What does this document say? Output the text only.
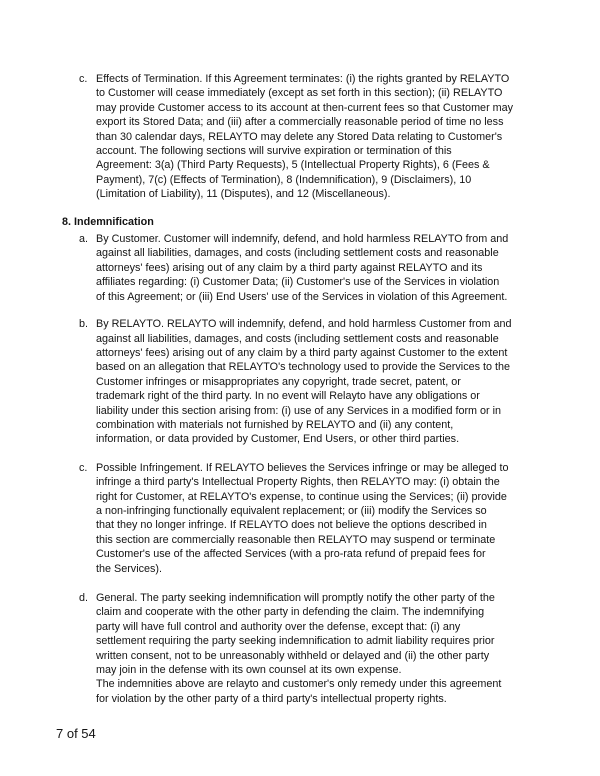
c. Effects of Termination. If this Agreement terminates: (i) the rights granted by RELAYTO
to Customer will cease immediately (except as set forth in this section); (ii) RELAYTO
may provide Customer access to its account at then-current fees so that Customer may
export its Stored Data; and (iii) after a commercially reasonable period of time no less
than 30 calendar days, RELAYTO may delete any Stored Data relating to Customer's
account. The following sections will survive expiration or termination of this
Agreement: 3(a) (Third Party Requests), 5 (Intellectual Property Rights), 6 (Fees &
Payment), 7(c) (Effects of Termination), 8 (Indemnification), 9 (Disclaimers), 10
(Limitation of Liability), 11 (Disputes), and 12 (Miscellaneous).
8. Indemnification
a. By Customer. Customer will indemnify, defend, and hold harmless RELAYTO from and
against all liabilities, damages, and costs (including settlement costs and reasonable
attorneys' fees) arising out of any claim by a third party against RELAYTO and its
affiliates regarding: (i) Customer Data; (ii) Customer's use of the Services in violation
of this Agreement; or (iii) End Users' use of the Services in violation of this Agreement.
b. By RELAYTO. RELAYTO will indemnify, defend, and hold harmless Customer from and
against all liabilities, damages, and costs (including settlement costs and reasonable
attorneys' fees) arising out of any claim by a third party against Customer to the extent
based on an allegation that RELAYTO's technology used to provide the Services to the
Customer infringes or misappropriates any copyright, trade secret, patent, or
trademark right of the third party. In no event will Relayto have any obligations or
liability under this section arising from: (i) use of any Services in a modified form or in
combination with materials not furnished by RELAYTO and (ii) any content,
information, or data provided by Customer, End Users, or other third parties.
c. Possible Infringement. If RELAYTO believes the Services infringe or may be alleged to
infringe a third party's Intellectual Property Rights, then RELAYTO may: (i) obtain the
right for Customer, at RELAYTO's expense, to continue using the Services; (ii) provide
a non-infringing functionally equivalent replacement; or (iii) modify the Services so
that they no longer infringe. If RELAYTO does not believe the options described in
this section are commercially reasonable then RELAYTO may suspend or terminate
Customer's use of the affected Services (with a pro-rata refund of prepaid fees for
the Services).
d. General. The party seeking indemnification will promptly notify the other party of the
claim and cooperate with the other party in defending the claim. The indemnifying
party will have full control and authority over the defense, except that: (i) any
settlement requiring the party seeking indemnification to admit liability requires prior
written consent, not to be unreasonably withheld or delayed and (ii) the other party
may join in the defense with its own counsel at its own expense.
The indemnities above are relayto and customer's only remedy under this agreement
for violation by the other party of a third party's intellectual property rights.
7 of 54
